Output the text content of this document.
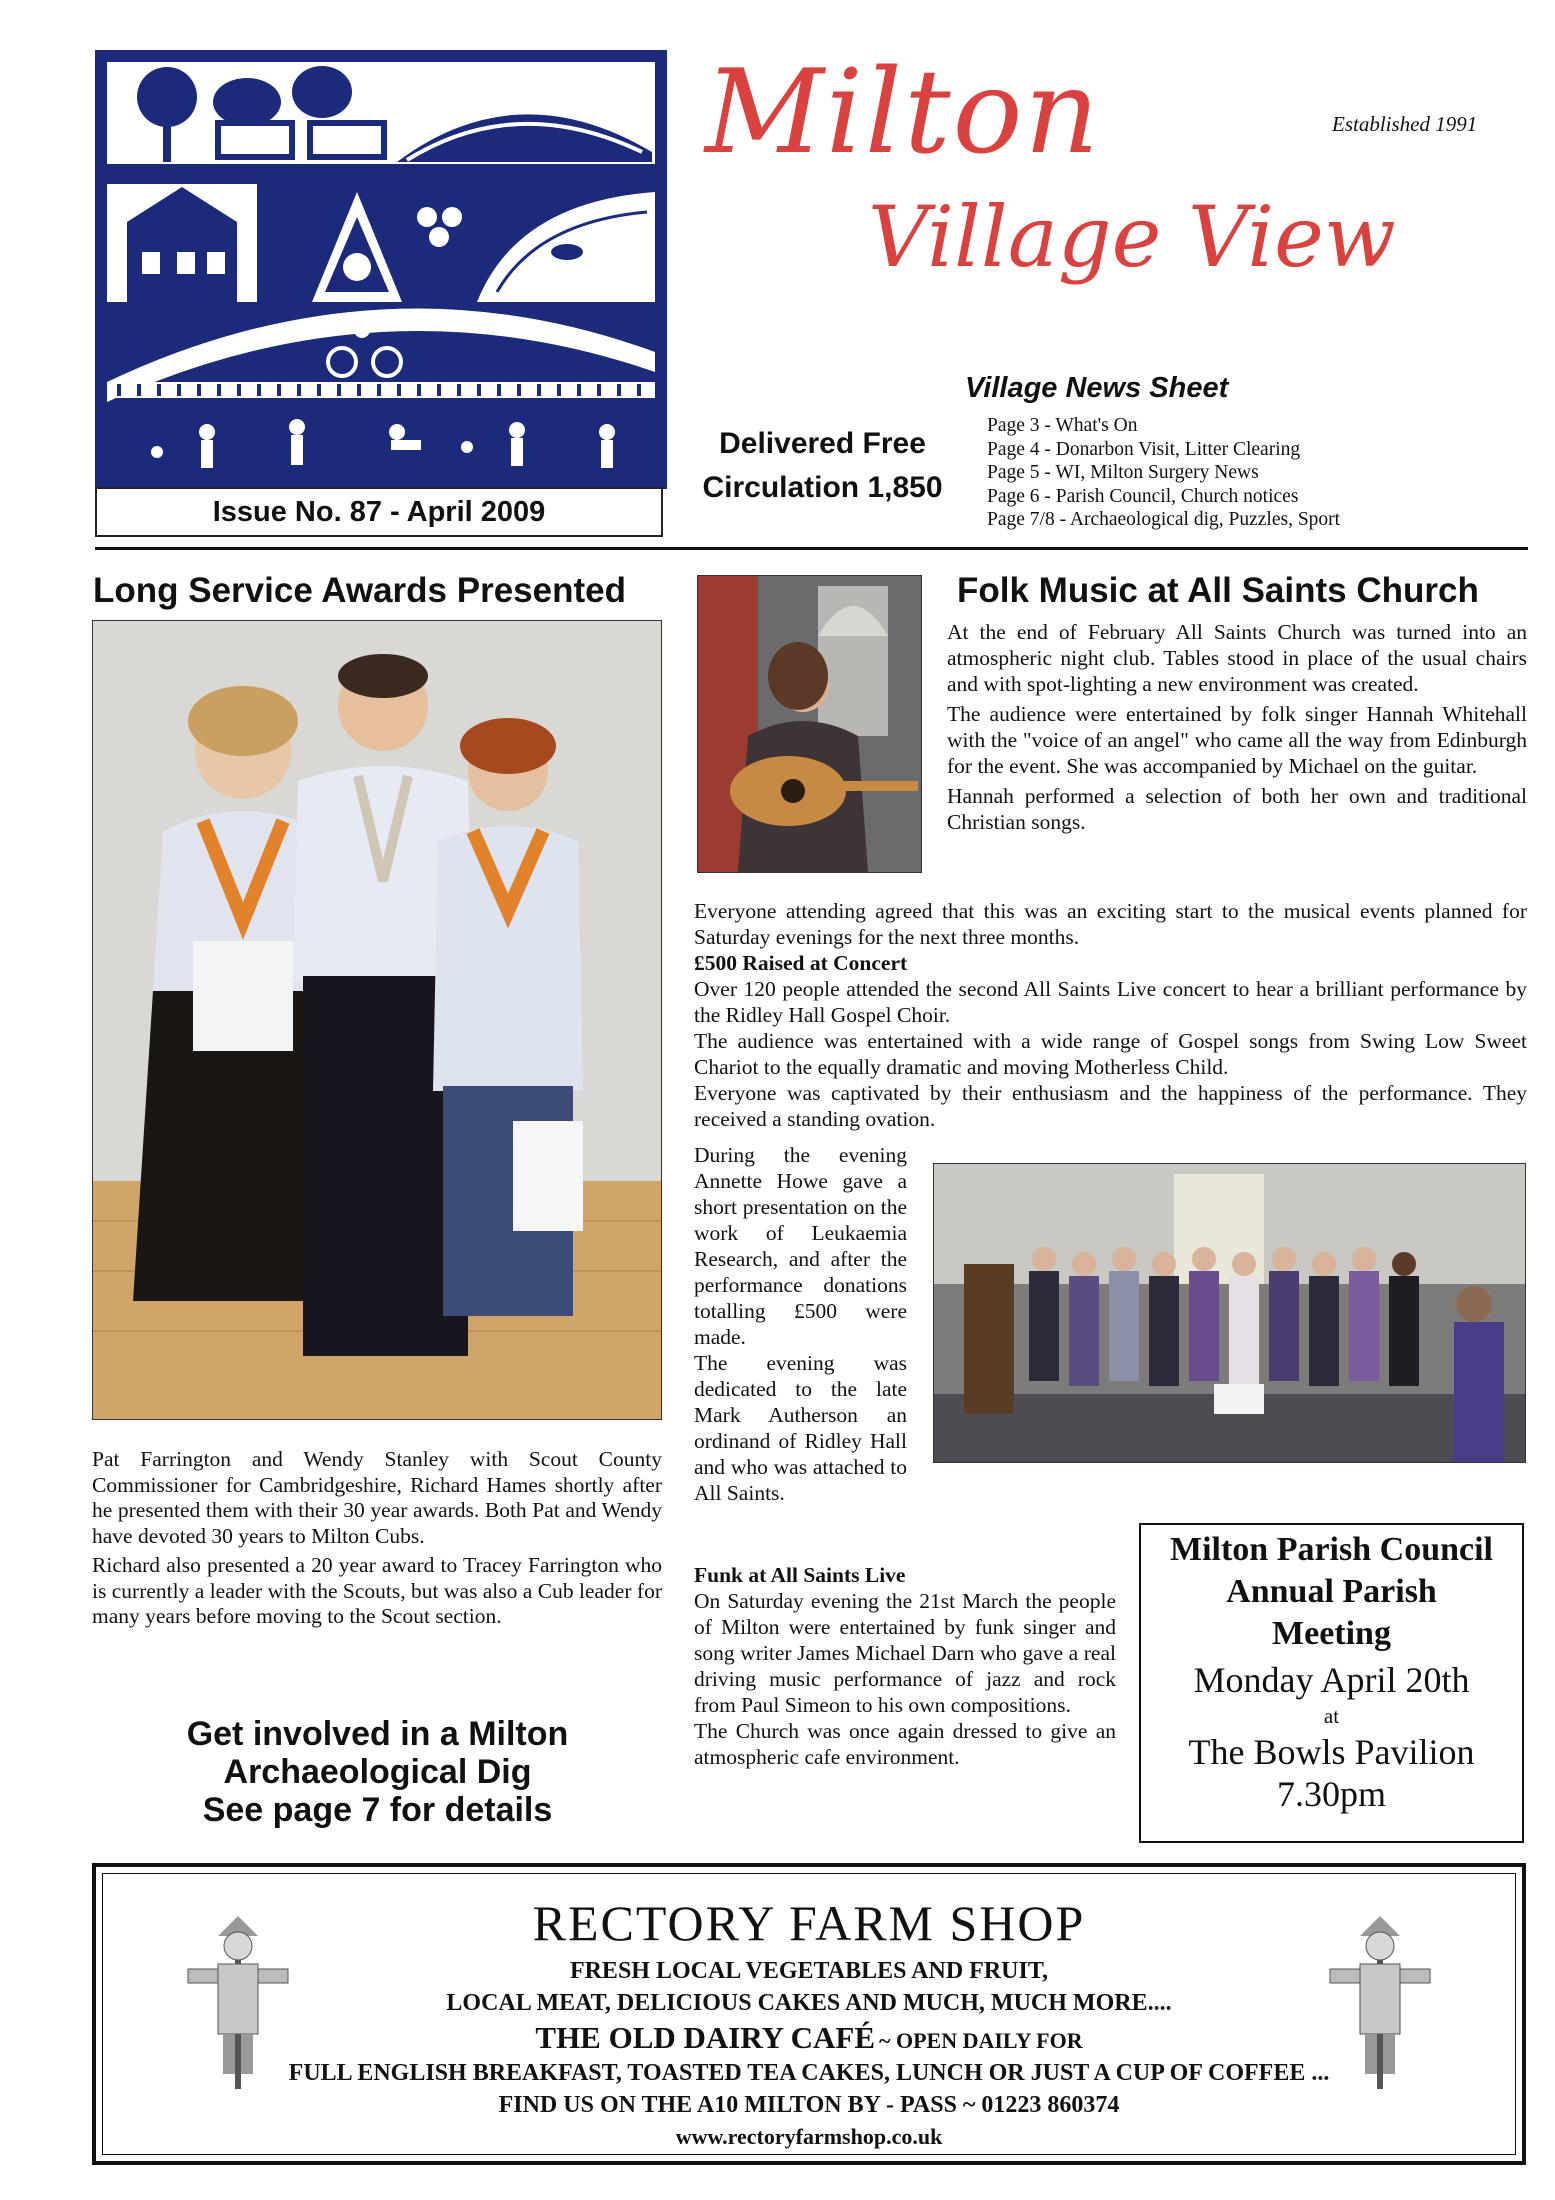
Issue No. 87 - April 2009
Milton
Village View
Established 1991
Village News Sheet
Delivered Free
Circulation 1,850
Page 3 - What's On
Page 4 - Donarbon Visit, Litter Clearing
Page 5 - WI, Milton Surgery News
Page 6 - Parish Council, Church notices
Page 7/8 - Archaeological dig, Puzzles, Sport
Long Service Awards Presented

Pat Farrington and Wendy Stanley with Scout County Commissioner for Cambridgeshire, Richard Hames shortly after he presented them with their 30 year awards. Both Pat and Wendy have devoted 30 years to Milton Cubs.

Richard also presented a 20 year award to Tracey Farrington who is currently a leader with the Scouts, but was also a Cub leader for many years before moving to the Scout section.

Get involved in a Milton
Archaeological Dig
See page 7 for details
Folk Music at All Saints Church

At the end of February All Saints Church was turned into an atmospheric night club. Tables stood in place of the usual chairs and with spot-lighting a new environment was created.

The audience were entertained by folk singer Hannah Whitehall with the "voice of an angel" who came all the way from Edinburgh for the event. She was accompanied by Michael on the guitar.

Hannah performed a selection of both her own and traditional Christian songs.

Everyone attending agreed that this was an exciting start to the musical events planned for Saturday evenings for the next three months.

£500 Raised at Concert

Over 120 people attended the second All Saints Live concert to hear a brilliant performance by the Ridley Hall Gospel Choir.

The audience was entertained with a wide range of Gospel songs from Swing Low Sweet Chariot to the equally dramatic and moving Motherless Child.

Everyone was captivated by their enthusiasm and the happiness of the performance. They received a standing ovation.

During the evening Annette Howe gave a short presentation on the work of Leukaemia Research, and after the performance donations totalling £500 were made.

The evening was dedicated to the late Mark Autherson an ordinand of Ridley Hall and who was attached to All Saints.

Funk at All Saints Live

On Saturday evening the 21st March the people of Milton were entertained by funk singer and song writer James Michael Darn who gave a real driving music performance of jazz and rock from Paul Simeon to his own compositions.

The Church was once again dressed to give an atmospheric cafe environment.

Milton Parish Council
Annual Parish
Meeting
Monday April 20th
at
The Bowls Pavilion
7.30pm
RECTORY FARM SHOP
FRESH LOCAL VEGETABLES AND FRUIT,
LOCAL MEAT, DELICIOUS CAKES AND MUCH, MUCH MORE....
THE OLD DAIRY CAFÉ ~ OPEN DAILY FOR
FULL ENGLISH BREAKFAST, TOASTED TEA CAKES, LUNCH OR JUST A CUP OF COFFEE ...
FIND US ON THE A10 MILTON BY - PASS ~ 01223 860374
www.rectoryfarmshop.co.uk
